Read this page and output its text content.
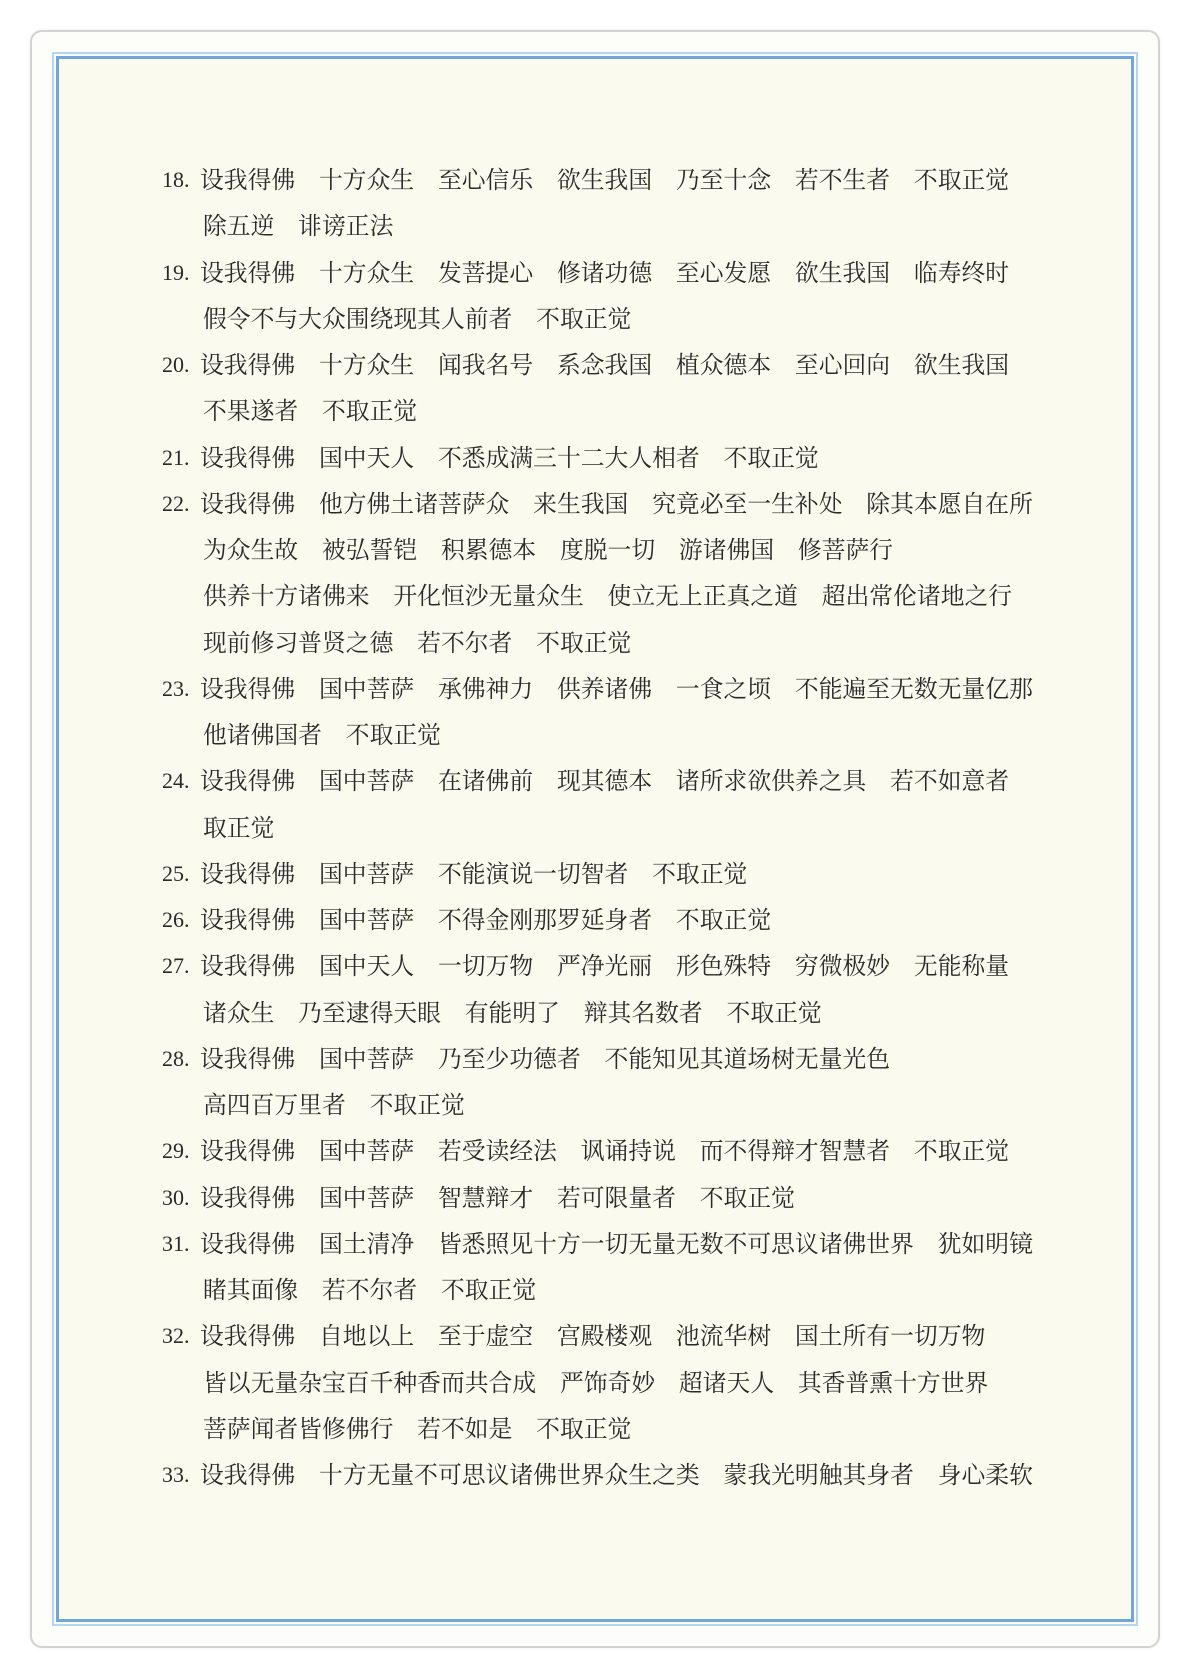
18. 设我得佛　十方众生　至心信乐　欲生我国　乃至十念　若不生者　不取正觉
除五逆　诽谤正法
19. 设我得佛　十方众生　发菩提心　修诸功德　至心发愿　欲生我国　临寿终时
假令不与大众围绕现其人前者　不取正觉
20. 设我得佛　十方众生　闻我名号　系念我国　植众德本　至心回向　欲生我国
不果遂者　不取正觉
21. 设我得佛　国中天人　不悉成满三十二大人相者　不取正觉
22. 设我得佛　他方佛土诸菩萨众　来生我国　究竟必至一生补处　除其本愿自在所
为众生故　被弘誓铠　积累德本　度脱一切　游诸佛国　修菩萨行
供养十方诸佛来　开化恒沙无量众生　使立无上正真之道　超出常伦诸地之行
现前修习普贤之德　若不尔者　不取正觉
23. 设我得佛　国中菩萨　承佛神力　供养诸佛　一食之顷　不能遍至无数无量亿那
他诸佛国者　不取正觉
24. 设我得佛　国中菩萨　在诸佛前　现其德本　诸所求欲供养之具　若不如意者
取正觉
25. 设我得佛　国中菩萨　不能演说一切智者　不取正觉
26. 设我得佛　国中菩萨　不得金刚那罗延身者　不取正觉
27. 设我得佛　国中天人　一切万物　严净光丽　形色殊特　穷微极妙　无能称量
诸众生　乃至逮得天眼　有能明了　辩其名数者　不取正觉
28. 设我得佛　国中菩萨　乃至少功德者　不能知见其道场树无量光色
高四百万里者　不取正觉
29. 设我得佛　国中菩萨　若受读经法　讽诵持说　而不得辩才智慧者　不取正觉
30. 设我得佛　国中菩萨　智慧辩才　若可限量者　不取正觉
31. 设我得佛　国土清净　皆悉照见十方一切无量无数不可思议诸佛世界　犹如明镜
睹其面像　若不尔者　不取正觉
32. 设我得佛　自地以上　至于虚空　宫殿楼观　池流华树　国土所有一切万物
皆以无量杂宝百千种香而共合成　严饰奇妙　超诸天人　其香普熏十方世界
菩萨闻者皆修佛行　若不如是　不取正觉
33. 设我得佛　十方无量不可思议诸佛世界众生之类　蒙我光明触其身者　身心柔软
